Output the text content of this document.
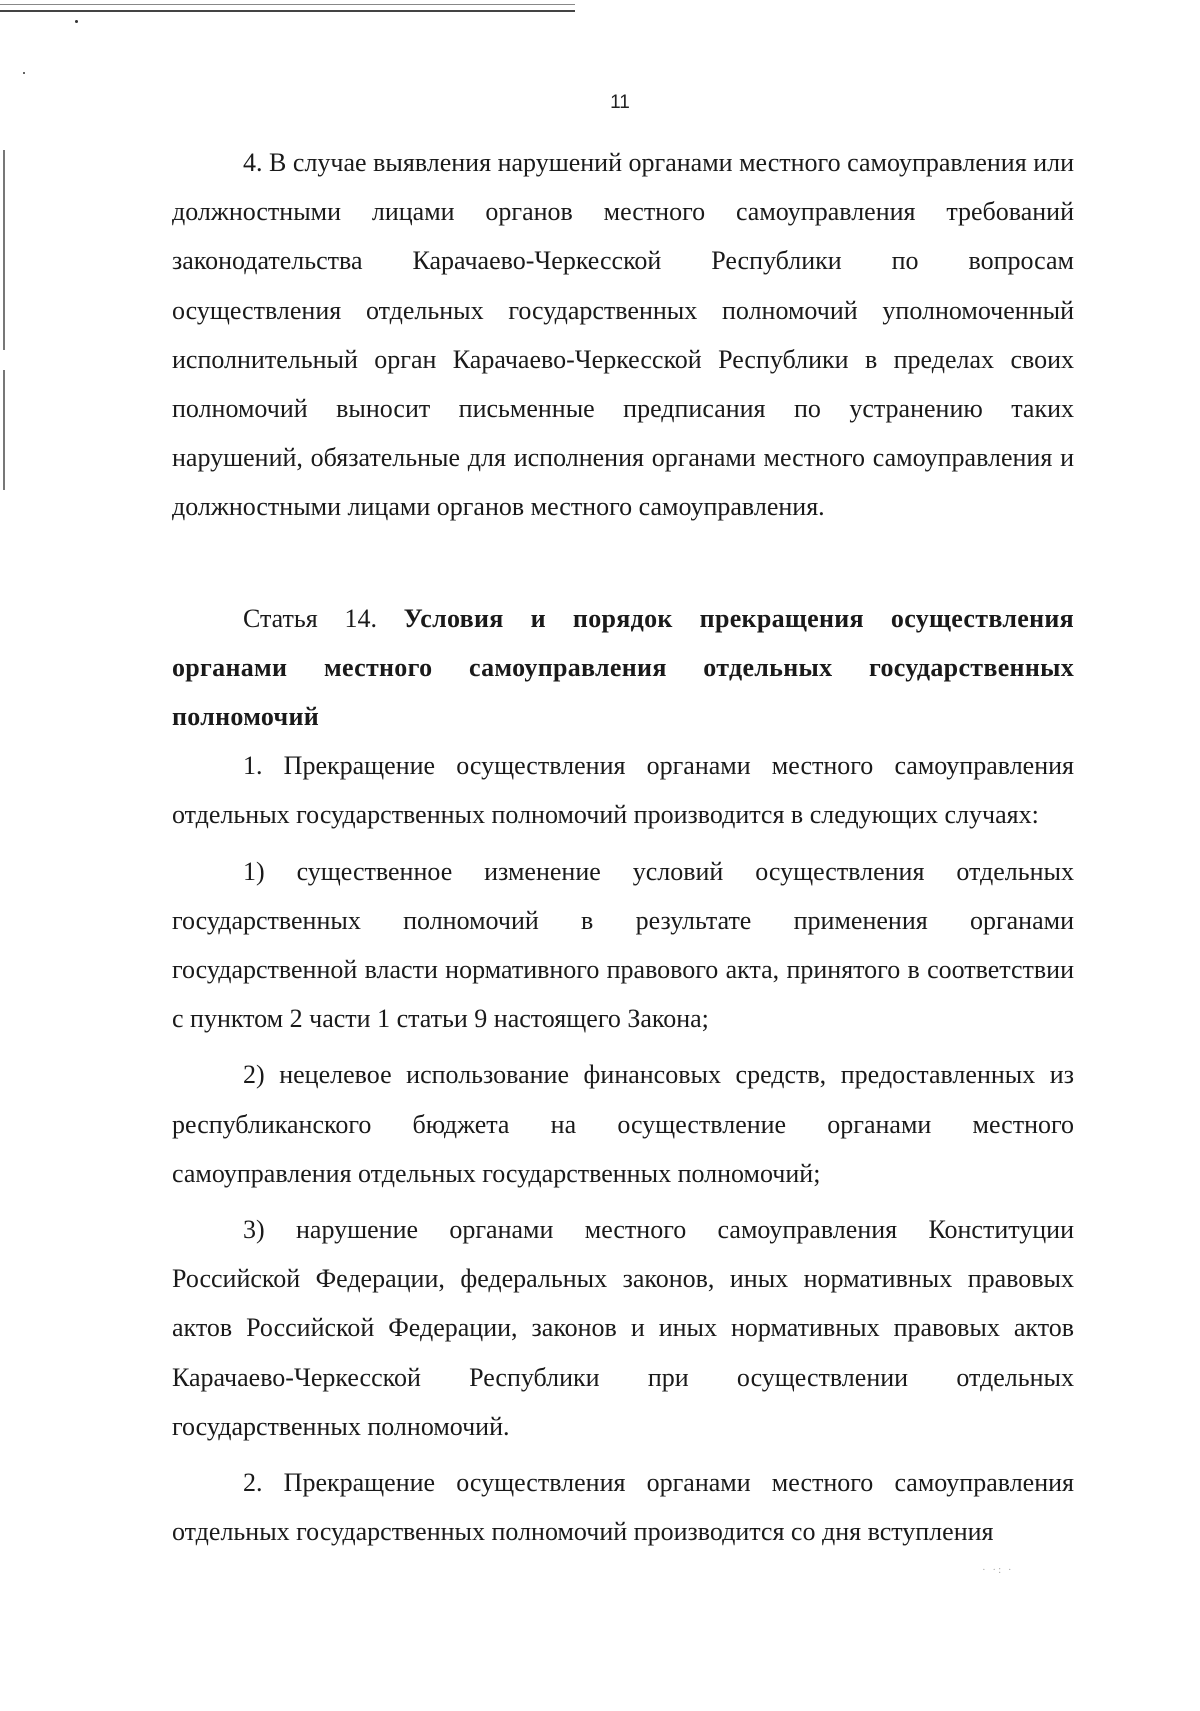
11

4. В случае выявления нарушений органами местного самоуправления или должностными лицами органов местного самоуправления требований законодательства Карачаево-Черкесской Республики по вопросам осуществления отдельных государственных полномочий уполномоченный исполнительный орган Карачаево-Черкесской Республики в пределах своих полномочий выносит письменные предписания по устранению таких нарушений, обязательные для исполнения органами местного самоуправления и должностными лицами органов местного самоуправления.

Статья 14. Условия и порядок прекращения осуществления органами местного самоуправления отдельных государственных полномочий

1. Прекращение осуществления органами местного самоуправления отдельных государственных полномочий производится в следующих случаях:

1) существенное изменение условий осуществления отдельных государственных полномочий в результате применения органами государственной власти нормативного правового акта, принятого в соответствии с пунктом 2 части 1 статьи 9 настоящего Закона;

2) нецелевое использование финансовых средств, предоставленных из республиканского бюджета на осуществление органами местного самоуправления отдельных государственных полномочий;

3) нарушение органами местного самоуправления Конституции Российской Федерации, федеральных законов, иных нормативных правовых актов Российской Федерации, законов и иных нормативных правовых актов Карачаево-Черкесской Республики при осуществлении отдельных государственных полномочий.

2. Прекращение осуществления органами местного самоуправления отдельных государственных полномочий производится со дня вступления

· ·: ·
